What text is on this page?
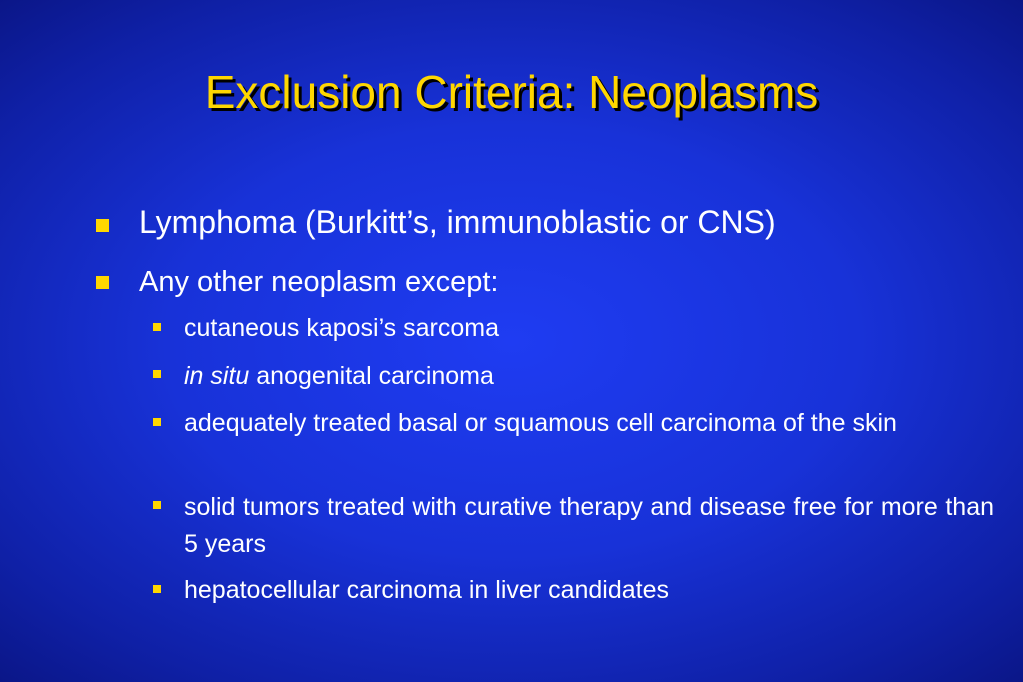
Exclusion Criteria: Neoplasms
Lymphoma (Burkitt’s, immunoblastic or CNS)
Any other neoplasm except:
cutaneous kaposi’s sarcoma
in situ anogenital carcinoma
adequately treated basal or squamous cell carcinoma of the skin
solid tumors treated with curative therapy and disease free for more than 5 years
hepatocellular carcinoma in liver candidates
